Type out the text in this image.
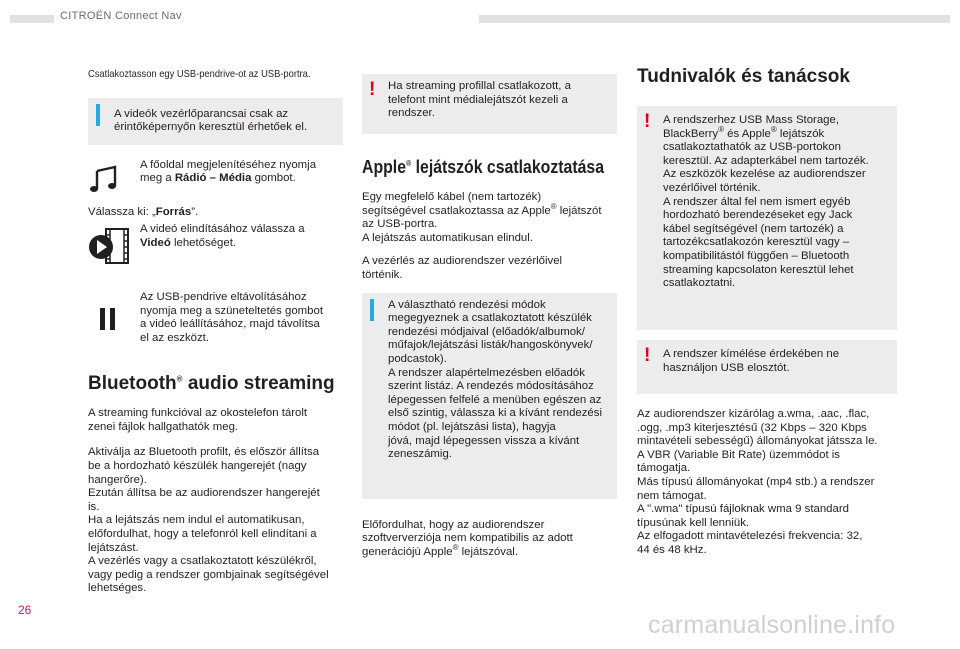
CITROËN Connect Nav
Csatlakoztasson egy USB-pendrive-ot az USB-portra.

A videók vezérlőparancsai csak az
érintőképernyőn keresztül érhetőek el.

A főoldal megjelenítéséhez nyomja
meg a Rádió – Média gombot.

Válassza ki: „Forrás”.

A videó elindításához válassza a
Videó lehetőséget.

Az USB-pendrive eltávolításához
nyomja meg a szüneteltetés gombot
a videó leállításához, majd távolítsa
el az eszközt.

Bluetooth® audio streaming

A streaming funkcióval az okostelefon tárolt
zenei fájlok hallgathatók meg.

Aktiválja az Bluetooth profilt, és először állítsa
be a hordozható készülék hangerejét (nagy
hangerőre).
Ezután állítsa be az audiorendszer hangerejét
is.
Ha a lejátszás nem indul el automatikusan,
előfordulhat, hogy a telefonról kell elindítani a
lejátszást.
A vezérlés vagy a csatlakoztatott készülékről,
vagy pedig a rendszer gombjainak segítségével
lehetséges.

!	Ha streaming profillal csatlakozott, a
telefont mint médialejátszót kezeli a
rendszer.

Apple® lejátszók csatlakoztatása

Egy megfelelő kábel (nem tartozék)
segítségével csatlakoztassa az Apple® lejátszót
az USB-portra.
A lejátszás automatikusan elindul.

A vezérlés az audiorendszer vezérlőivel
történik.

A választható rendezési módok
megegyeznek a csatlakoztatott készülék
rendezési módjaival (előadók/albumok/
műfajok/lejátszási listák/hangoskönyvek/
podcastok).
A rendszer alapértelmezésben előadók
szerint listáz. A rendezés módosításához
lépegessen felfelé a menüben egészen az
első szintig, válassza ki a kívánt rendezési
módot (pl. lejátszási lista), hagyja
jóvá, majd lépegessen vissza a kívánt
zeneszámig.

Előfordulhat, hogy az audiorendszer
szoftververziója nem kompatibilis az adott
generációjú Apple® lejátszóval.

Tudnivalók és tanácsok
!	A rendszerhez USB Mass Storage,
BlackBerry® és Apple® lejátszók
csatlakoztathatók az USB-portokon
keresztül. Az adapterkábel nem tartozék.
Az eszközök kezelése az audiorendszer
vezérlőivel történik.
A rendszer által fel nem ismert egyéb
hordozható berendezéseket egy Jack
kábel segítségével (nem tartozék) a
tartozékcsatlakozón keresztül vagy –
kompatibilitástól függően – Bluetooth
streaming kapcsolaton keresztül lehet
csatlakoztatni.

!	A rendszer kímélése érdekében ne
használjon USB elosztót.

Az audiorendszer kizárólag a.wma, .aac, .flac,
.ogg, .mp3 kiterjesztésű (32 Kbps – 320 Kbps
mintavételi sebességű) állományokat játssza le.
A VBR (Variable Bit Rate) üzemmódot is
támogatja.
Más típusú állományokat (mp4 stb.) a rendszer
nem támogat.
A ".wma" típusú fájloknak wma 9 standard
típusúnak kell lenniük.
Az elfogadott mintavételezési frekvencia: 32,
44 és 48 kHz.

26
carmanualsonline.info
